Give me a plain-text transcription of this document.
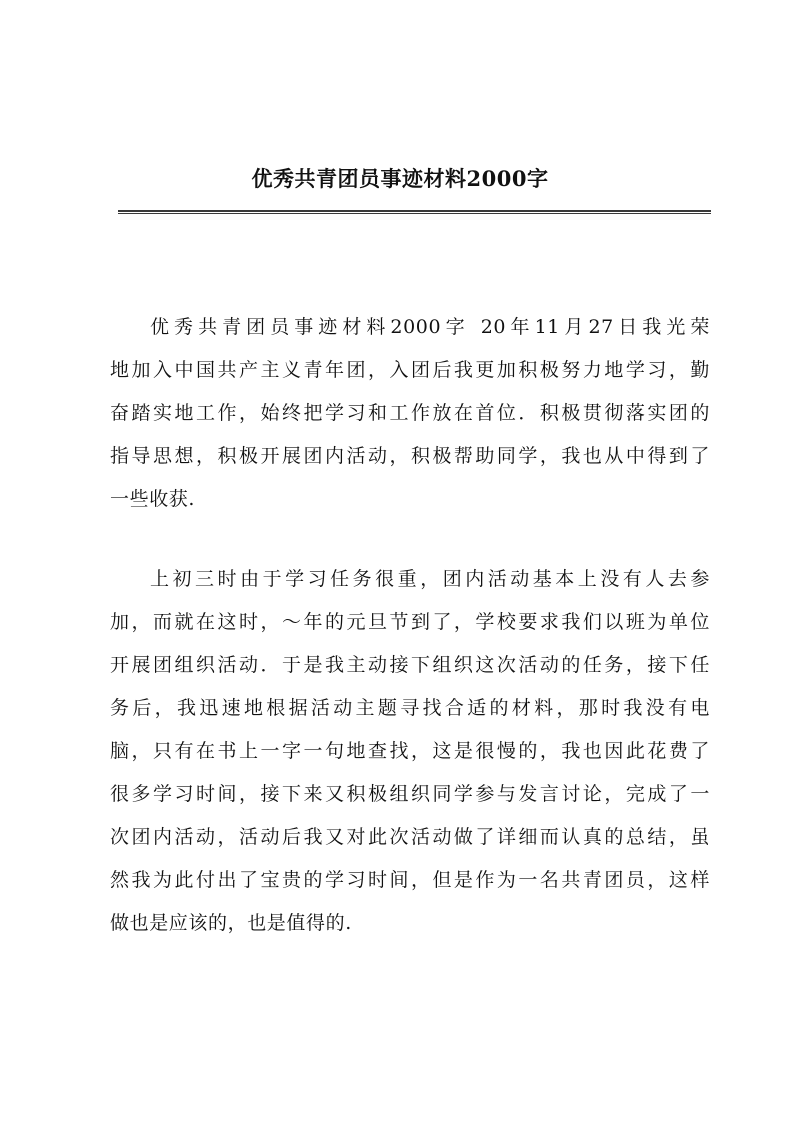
优秀共青团员事迹材料2000字
优秀共青团员事迹材料2000字 20年11月27日我光荣
地加入中国共产主义青年团，入团后我更加积极努力地学习，勤
奋踏实地工作，始终把学习和工作放在首位．积极贯彻落实团的
指导思想，积极开展团内活动，积极帮助同学，我也从中得到了
一些收获.
上初三时由于学习任务很重，团内活动基本上没有人去参
加，而就在这时，～年的元旦节到了，学校要求我们以班为单位
开展团组织活动．于是我主动接下组织这次活动的任务，接下任
务后，我迅速地根据活动主题寻找合适的材料，那时我没有电
脑，只有在书上一字一句地查找，这是很慢的，我也因此花费了
很多学习时间，接下来又积极组织同学参与发言讨论，完成了一
次团内活动，活动后我又对此次活动做了详细而认真的总结，虽
然我为此付出了宝贵的学习时间，但是作为一名共青团员，这样
做也是应该的，也是值得的.
